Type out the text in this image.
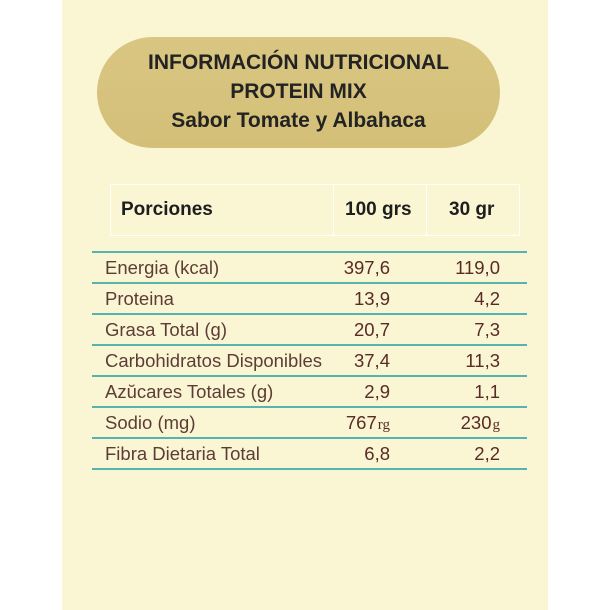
INFORMACIÓN NUTRICIONAL
PROTEIN MIX
Sabor Tomate y Albahaca
Porciones	100 grs 30 gr
Energia (kcal)	397,6	119,0
Proteina	13,9	4,2
Grasa Total (g)	20,7	7,3
Carbohidratos Disponibles	37,4	11,3
Azŭcares Totales (g)	2,9	1,1
Sodio (mg)	767rg	230g
Fibra Dietaria Total	6,8	2,2
